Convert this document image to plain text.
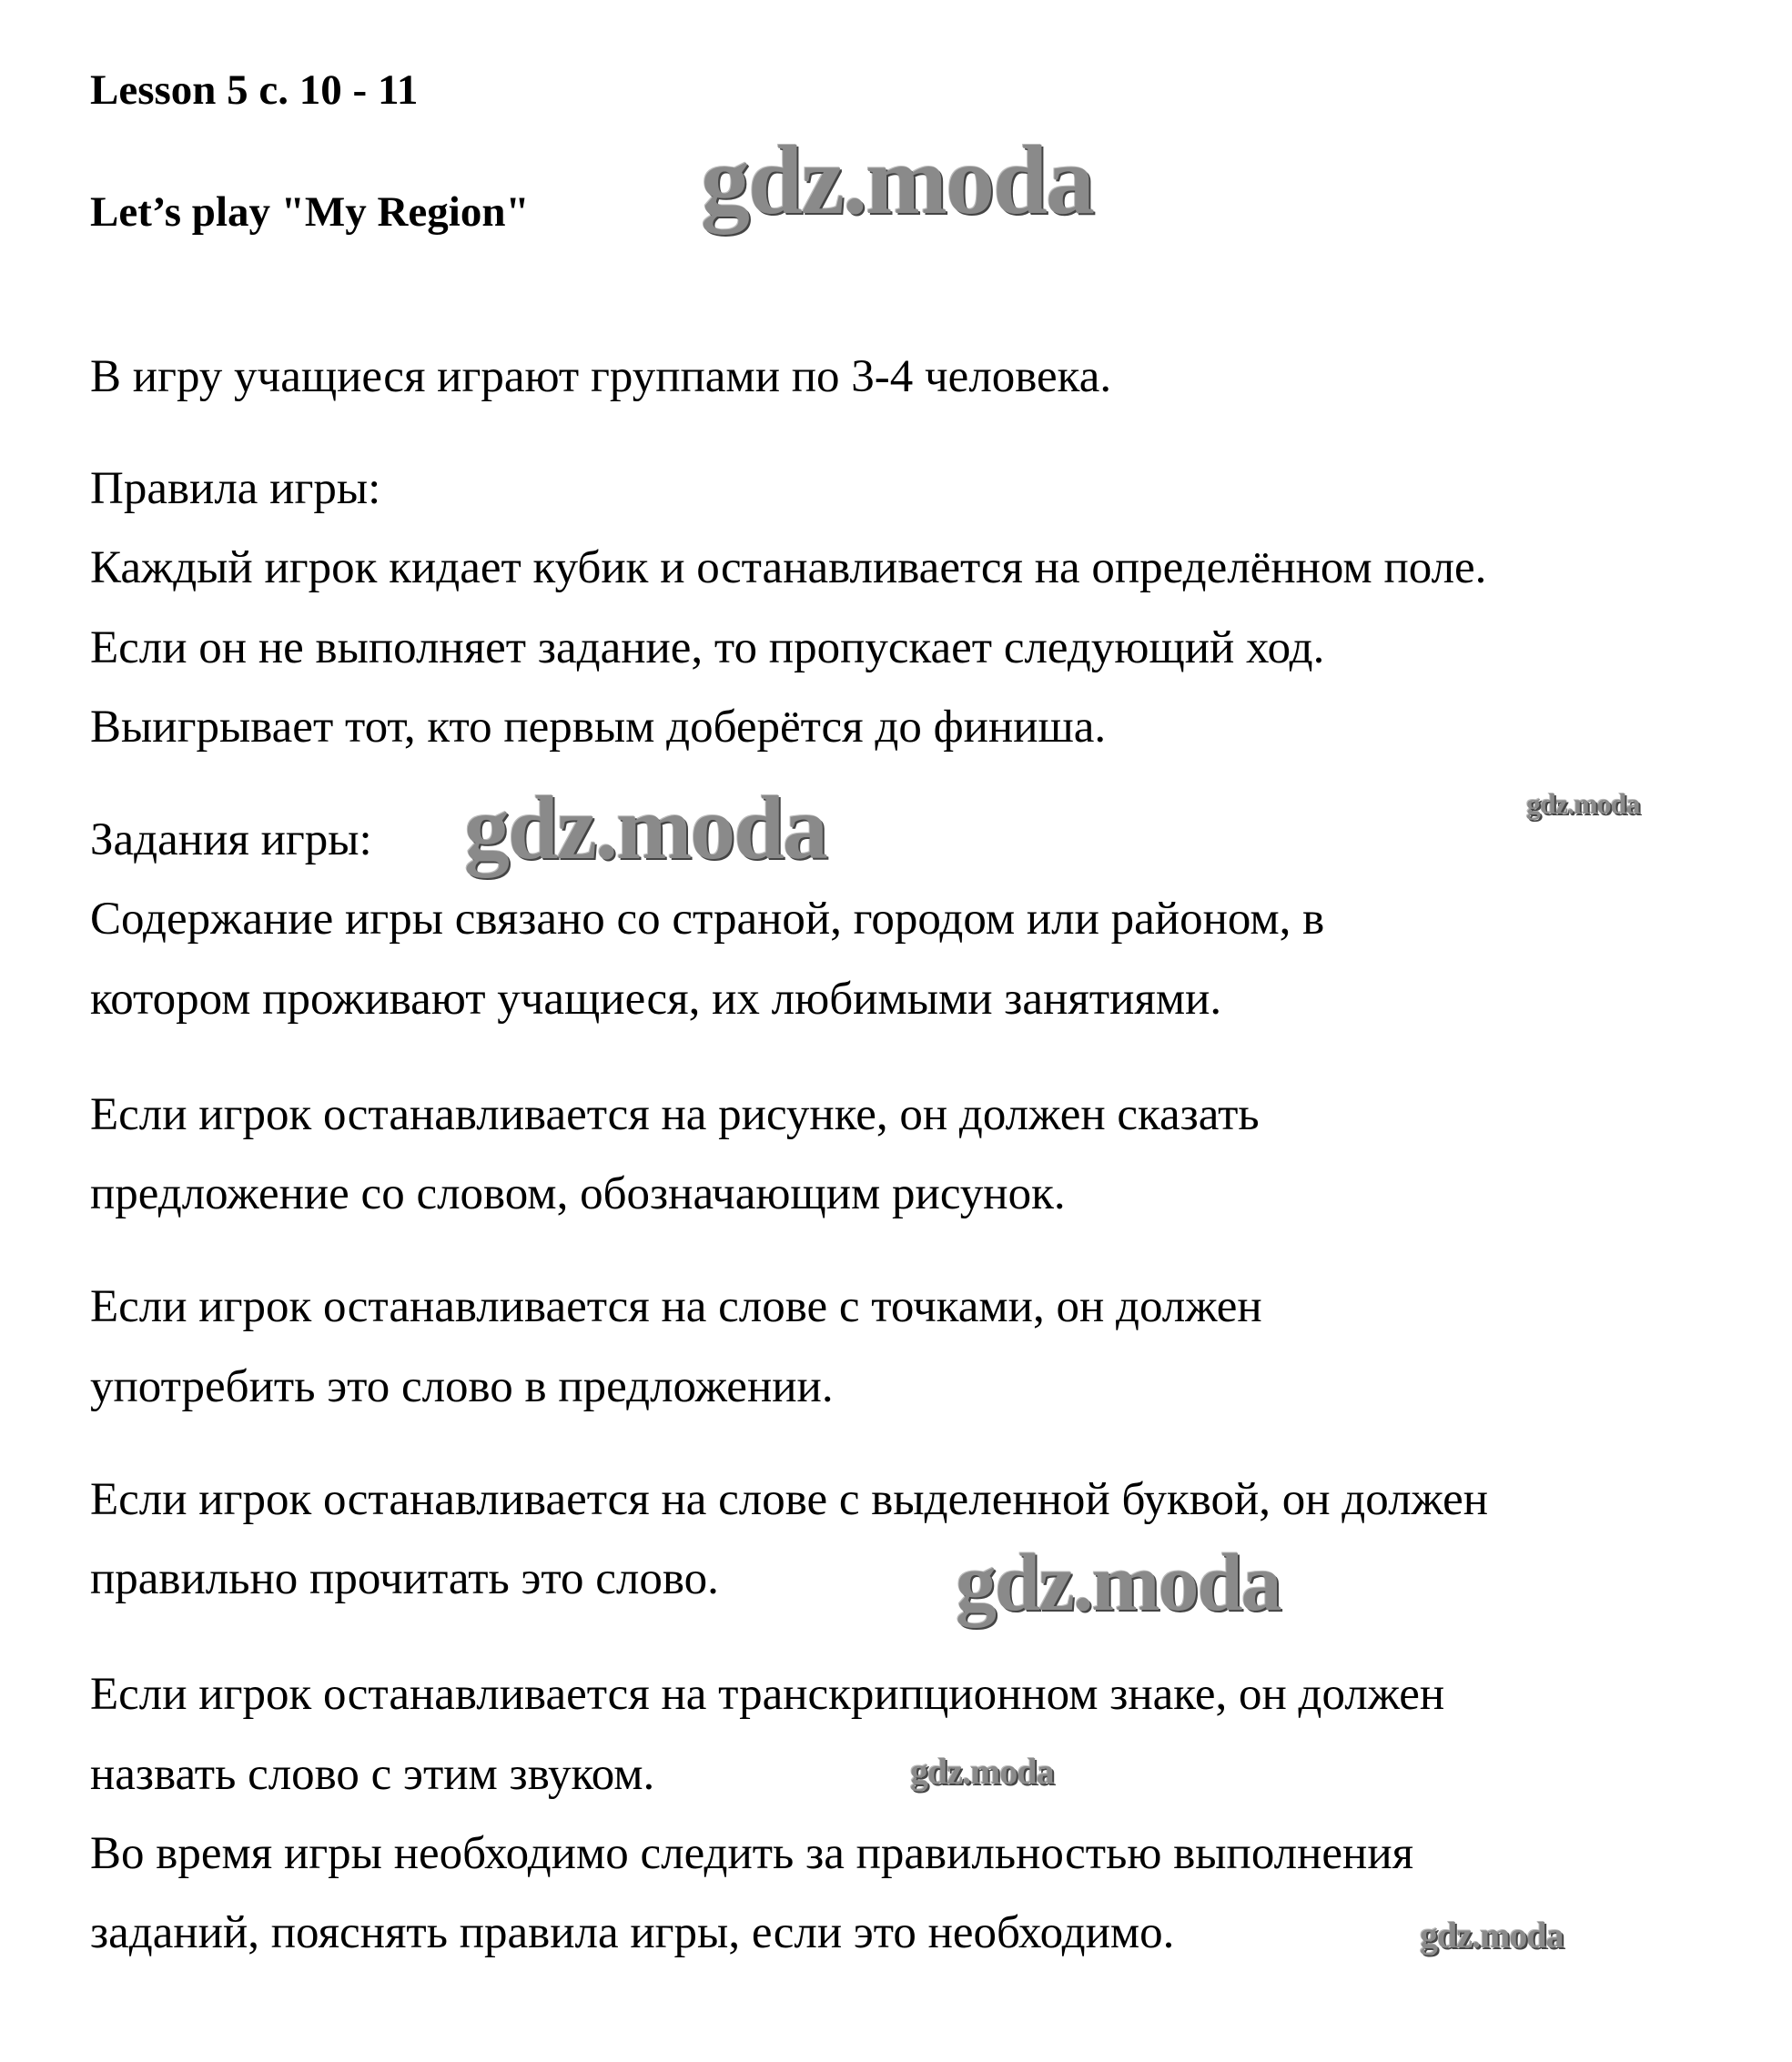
Lesson 5 c. 10 - 11
Let’s play "My Region"
В игру учащиеся играют группами по 3-4 человека.
Правила игры:
Каждый игрок кидает кубик и останавливается на определённом поле.
Если он не выполняет задание, то пропускает следующий ход.
Выигрывает тот, кто первым доберётся до финиша.
Задания игры:
Содержание игры связано со страной, городом или районом, в
котором проживают учащиеся, их любимыми занятиями.
Если игрок останавливается на рисунке, он должен сказать
предложение со словом, обозначающим рисунок.
Если игрок останавливается на слове с точками, он должен
употребить это слово в предложении.
Если игрок останавливается на слове с выделенной буквой, он должен
правильно прочитать это слово.
Если игрок останавливается на транскрипционном знаке, он должен
назвать слово с этим звуком.
Во время игры необходимо следить за правильностью выполнения
заданий, пояснять правила игры, если это необходимо.
gdz.moda
gdz.moda
gdz.moda
gdz.moda
gdz.moda
gdz.moda
